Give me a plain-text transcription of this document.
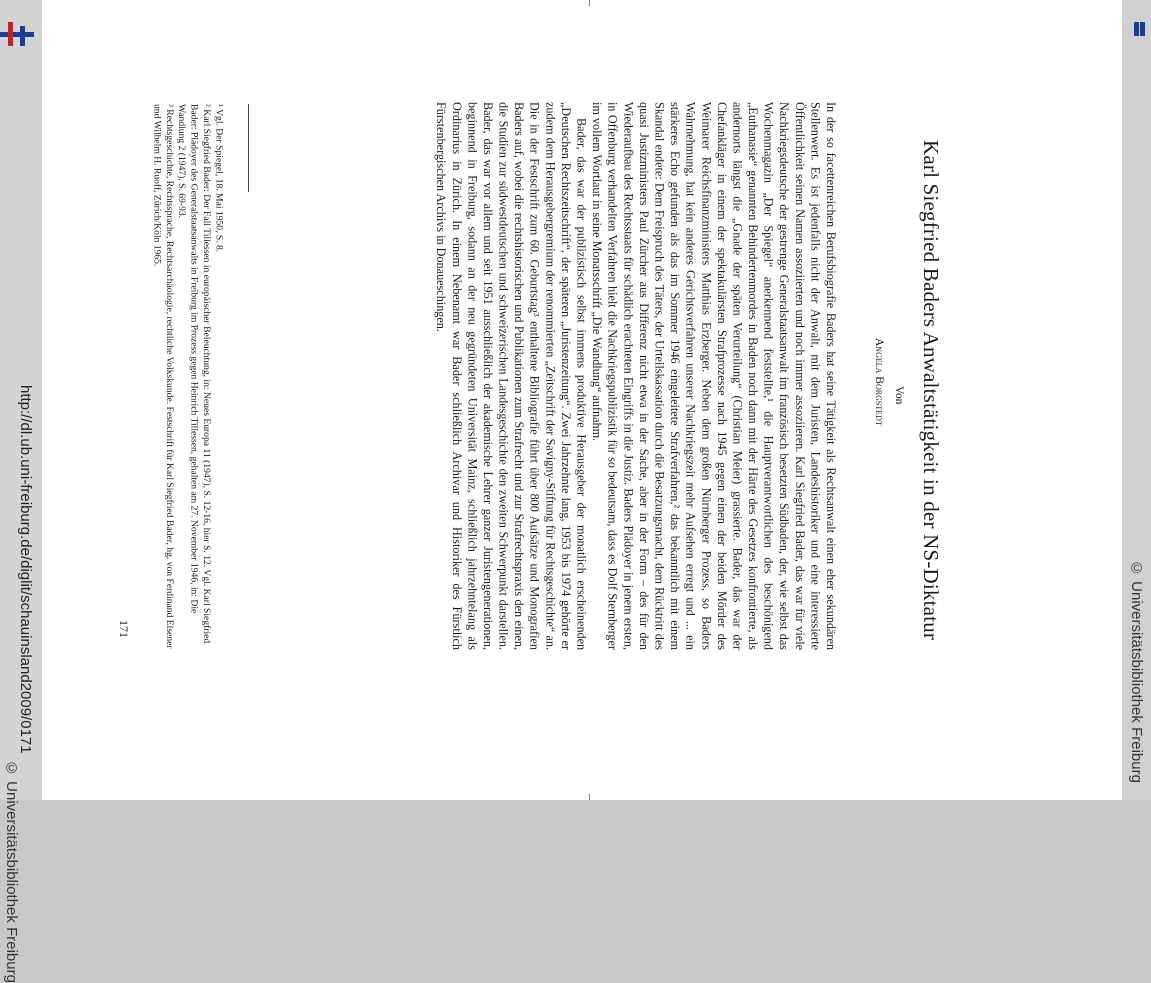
http://dl.ub.uni-freiburg.de/diglit/schauinsland2009/0171
© Universitätsbibliothek Freiburg
© Universitätsbibliothek Freiburg
Karl Siegfried Baders Anwaltstätigkeit in der NS-Diktatur
Von
Angela Borgstedt

In der so facettenreichen Berufsbiografie Baders hat seine Tätigkeit als Rechtsanwalt einen eher sekundären Stellenwert. Es ist jedenfalls nicht der Anwalt, mit dem Juristen, Landeshistoriker und eine interessierte Öffentlichkeit seinen Namen assoziierten und noch immer assoziieren. Karl Siegfried Bader, das war für viele Nachkriegsdeutsche der gestrenge Generalstaatsanwalt im französisch besetzten Südbaden, der, wie selbst das Wochenmagazin „Der Spiegel“ anerkennend feststellte,¹ die Hauptverantwortlichen des beschönigend „Euthanasie“ genannten Behindertenmordes in Baden noch dann mit der Härte des Gesetzes konfrontierte, als andernorts längst die „Gnade der späten Verurteilung“ (Christian Meier) grassierte. Bader, das war der Chefankläger in einem der spektakulärsten Strafprozesse nach 1945 gegen einen der beiden Mörder des Weimarer Reichsfinanzministers Matthias Erzberger. Neben dem großen Nürnberger Prozess, so Baders Wahrnehmung, hat kein anderes Gerichtsverfahren unserer Nachkriegszeit mehr Aufsehen erregt und ... ein stärkeres Echo gefunden als das im Sommer 1946 eingeleitete Strafverfahren,² das bekanntlich mit einem Skandal endete: Dem Freispruch des Täters, der Urteilskassation durch die Besatzungsmacht, dem Rücktritt des quasi Justizministers Paul Zürcher aus Differenz nicht etwa in der Sache, aber in der Form – des für den Wiederaufbau des Rechtsstaats für schädlich erachteten Eingriffs in die Justiz. Baders Plädoyer in jenem ersten, in Offenburg verhandelten Verfahren hielt die Nachkriegspublizistik für so bedeutsam, dass es Dolf Sternberger im vollem Wortlaut in seine Monatsschrift „Die Wandlung“ aufnahm.

Bader, das war der publizistisch selbst immens produktive Herausgeber der monatlich erscheinenden „Deutschen Rechtszeitschrift“, der späteren „Juristenzeitung“. Zwei Jahrzehnte lang, 1953 bis 1974 gehörte er zudem dem Herausgebergremium der renommierten „Zeitschrift der Savigny-Stiftung für Rechtsgeschichte“ an. Die in der Festschrift zum 60. Geburtstag³ enthaltene Bibliografie führt über 800 Aufsätze und Monografien Baders auf, wobei die rechtshistorischen und Publikationen zum Strafrecht und zur Strafrechtspraxis den einen, die Studien zur südwestdeutschen und schweizerischen Landesgeschichte den zweiten Schwerpunkt darstellen. Bader, das war vor allem und seit 1951 ausschließlich der akademische Lehrer ganzer Juristengenerationen, beginnend in Freiburg, sodann an der neu gegründeten Universität Mainz, schließlich jahrzehntelang als Ordinarius in Zürich. In einem Nebenamt war Bader schließlich Archivar und Historiker des Fürstlich Fürstenbergischen Archivs in Donaueschingen.

¹ Vgl. Der Spiegel, 18. Mai 1950, S. 8.
² Karl Siegfried Bader: Der Fall Tillessen in europäischer Beleuchtung, in: Neues Europa 11 (1947), S. 12-16, hier S. 12. Vgl. Karl Siegfried Bader: Plädoyer des Generalstaatsanwalts in Freiburg im Prozess gegen Heinrich Tillessen, gehalten am 27. November 1946, in: Die Wandlung 2 (1947), S. 69-93.
³ Rechtsgeschichte, Rechtssprache, Rechtsarchäologie, rechtliche Volkskunde. Festschrift für Karl Siegfried Bader, hg. von Ferdinand Elsener und Wilhelm H. Ruoff, Zürich/Köln 1965.
171
